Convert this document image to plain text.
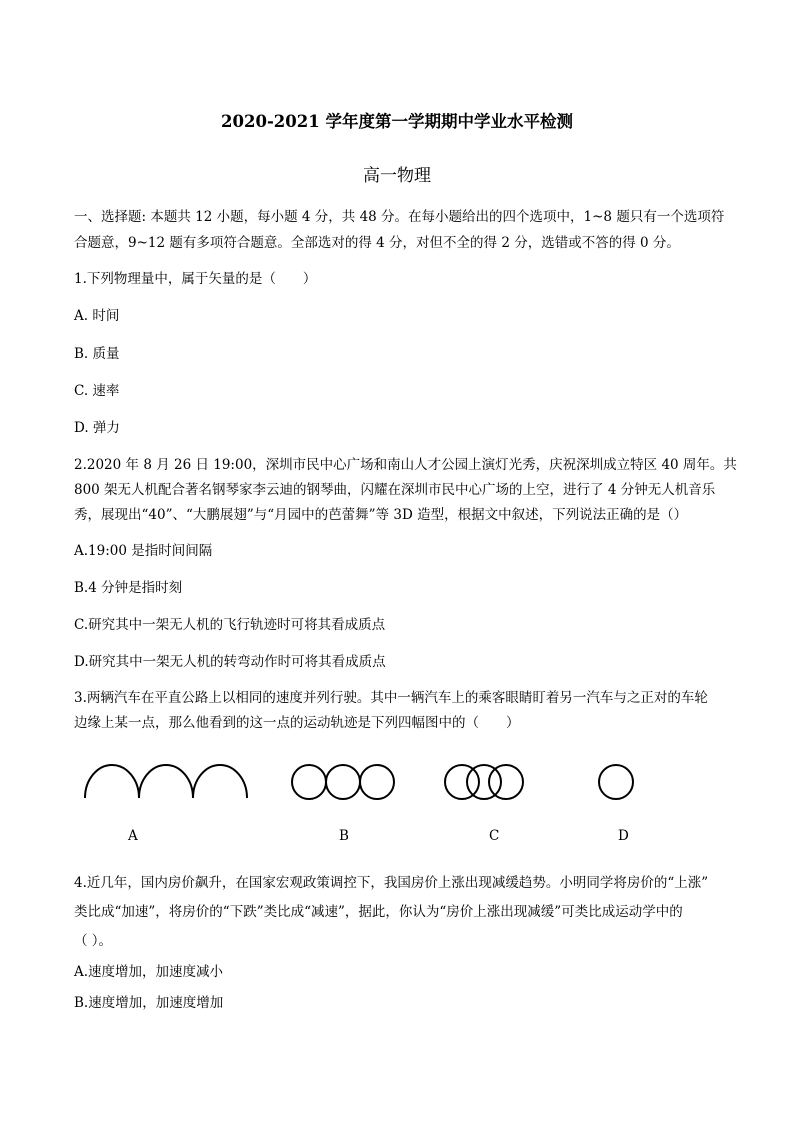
2020-2021 学年度第一学期期中学业水平检测
高一物理
一、选择题: 本题共 12 小题，每小题 4 分，共 48 分。在每小题给出的四个选项中，1~8 题只有一个选项符
合题意，9~12 题有多项符合题意。全部选对的得 4 分，对但不全的得 2 分，选错或不答的得 0 分。
1.下列物理量中，属于矢量的是（　　）
A. 时间
B. 质量
C. 速率
D. 弹力
2.2020 年 8 月 26 日 19:00，深圳市民中心广场和南山人才公园上演灯光秀，庆祝深圳成立特区 40 周年。共
800 架无人机配合著名钢琴家李云迪的钢琴曲，闪耀在深圳市民中心广场的上空，进行了 4 分钟无人机音乐
秀，展现出“40”、“大鹏展翅”与“月园中的芭蕾舞”等 3D 造型，根据文中叙述，下列说法正确的是（）
A.19:00 是指时间间隔
B.4 分钟是指时刻
C.研究其中一架无人机的飞行轨迹时可将其看成质点
D.研究其中一架无人机的转弯动作时可将其看成质点
3.两辆汽车在平直公路上以相同的速度并列行驶。其中一辆汽车上的乘客眼睛盯着另一汽车与之正对的车轮
边缘上某一点，那么他看到的这一点的运动轨迹是下列四幅图中的（　　）
A	B	C	D
4.近几年，国内房价飙升，在国家宏观政策调控下，我国房价上涨出现减缓趋势。小明同学将房价的“上涨”
类比成“加速”，将房价的“下跌”类比成“减速”，据此，你认为“房价上涨出现减缓”可类比成运动学中的
（ ）。
A.速度增加，加速度减小
B.速度增加，加速度增加
